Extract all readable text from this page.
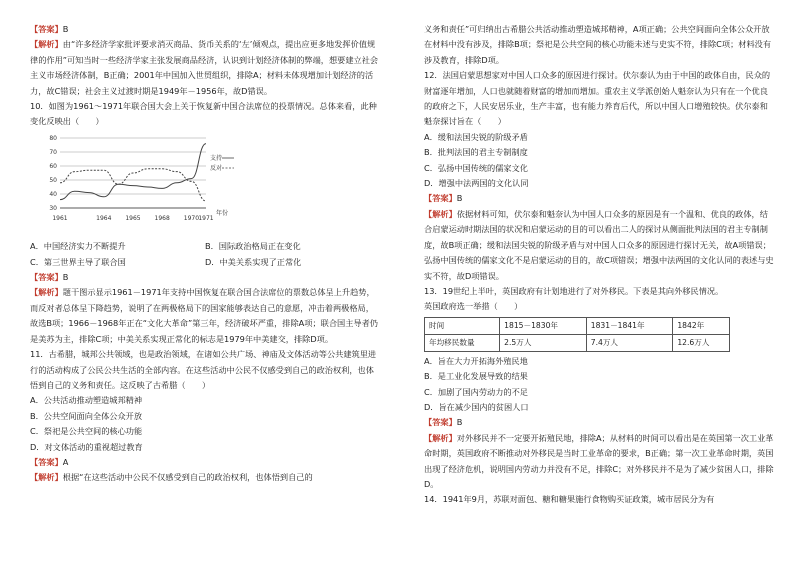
【答案】B

【解析】由“许多经济学家批评要求消灭商品、货币关系的‘左’倾观点，提出应更多地发挥价值规律的作用”可知当时一些经济学家主张发展商品经济，认识到计划经济体制的弊端，想要建立社会主义市场经济体制，B正确；2001年中国加入世贸组织，排除A；材料未体现增加计划经济的活力，故C错误；社会主义过渡时期是1949年－1956年，故D错误。

10．如图为1961～1971年联合国大会上关于恢复新中国合法席位的投票情况。总体来看，此种变化反映出（　　）

30
40
50
60
70
80
1961	1964 1965 1968 1970 1971
支持
反对
年份
A．中国经济实力不断提升	B．国际政治格局正在变化
C．第三世界主导了联合国	D．中美关系实现了正常化

【答案】B

【解析】题干图示显示1961－1971年支持中国恢复在联合国合法席位的票数总体呈上升趋势，而反对者总体呈下降趋势，说明了在两极格局下的国家能够表达自己的意愿，冲击着两极格局，故选B项；1966－1968年正在“文化大革命”第三年，经济破坏严重，排除A项；联合国主导者仍是美苏为主，排除C项；中美关系实现正常化的标志是1979年中美建交，排除D项。

11．古希腊，城邦公共领域，也是政治领域，在诸如公共广场、神庙及文体活动等公共建筑里进行的活动构成了公民公共生活的全部内容。在这些活动中公民不仅感受到自己的政治权利，也体悟到自己的义务和责任。这反映了古希腊（　　）

A．公共活动推动塑造城邦精神

B．公共空间面向全体公众开放

C．祭祀是公共空间的核心功能

D．对文体活动的重视超过教育

【答案】A

【解析】根据“在这些活动中公民不仅感受到自己的政治权利，也体悟到自己的

义务和责任”可归纳出古希腊公共活动推动塑造城邦精神，A项正确；公共空间面向全体公众开放在材料中没有涉及，排除B项；祭祀是公共空间的核心功能未述与史实不符，排除C项；材料没有涉及教育，排除D项。

12．法国启蒙思想家对中国人口众多的原因进行探讨。伏尔泰认为由于中国的政体自由，民众的财富逐年增加，人口也就随着财富的增加而增加。重农主义学派创始人魁奈认为只有在一个优良的政府之下，人民安居乐业，生产丰富，也有能力养育后代，所以中国人口增殖较快。伏尔泰和魁奈探讨旨在（　　）

A．缓和法国尖锐的阶级矛盾

B．批判法国的君主专制制度

C．弘扬中国传统的儒家文化

D．增强中法两国的文化认同

【答案】B

【解析】依据材料可知，伏尔泰和魁奈认为中国人口众多的原因是有一个温和、优良的政体，结合启蒙运动时期法国的状况和启蒙运动的目的可以看出二人的探讨从侧面批判法国的君主专制制度，故B项正确；缓和法国尖锐的阶级矛盾与对中国人口众多的原因进行探讨无关，故A项错误；弘扬中国传统的儒家文化不是启蒙运动的目的，故C项错误；增强中法两国的文化认同的表述与史实不符，故D项错误。

13．19世纪上半叶，英国政府有计划地进行了对外移民。下表是其向外移民情况。

英国政府选一举措（　　）

时间	1815－1830年	1831－1841年	1842年
年均移民数量	2.5万人	7.4万人	12.6万人

A．旨在大力开拓海外殖民地

B．是工业化发展导致的结果

C．加剧了国内劳动力的不足

D．旨在减少国内的贫困人口

【答案】B

【解析】对外移民并不一定要开拓殖民地，排除A；从材料的时间可以看出是在英国第一次工业革命时期，英国政府不断推动对外移民是当时工业革命的要求，B正确；第一次工业革命时期，英国出现了经济危机，说明国内劳动力并没有不足，排除C；对外移民并不是为了减少贫困人口，排除D。

14．1941年9月，苏联对面包、糖和糖果施行食物购买证政策，城市居民分为有
